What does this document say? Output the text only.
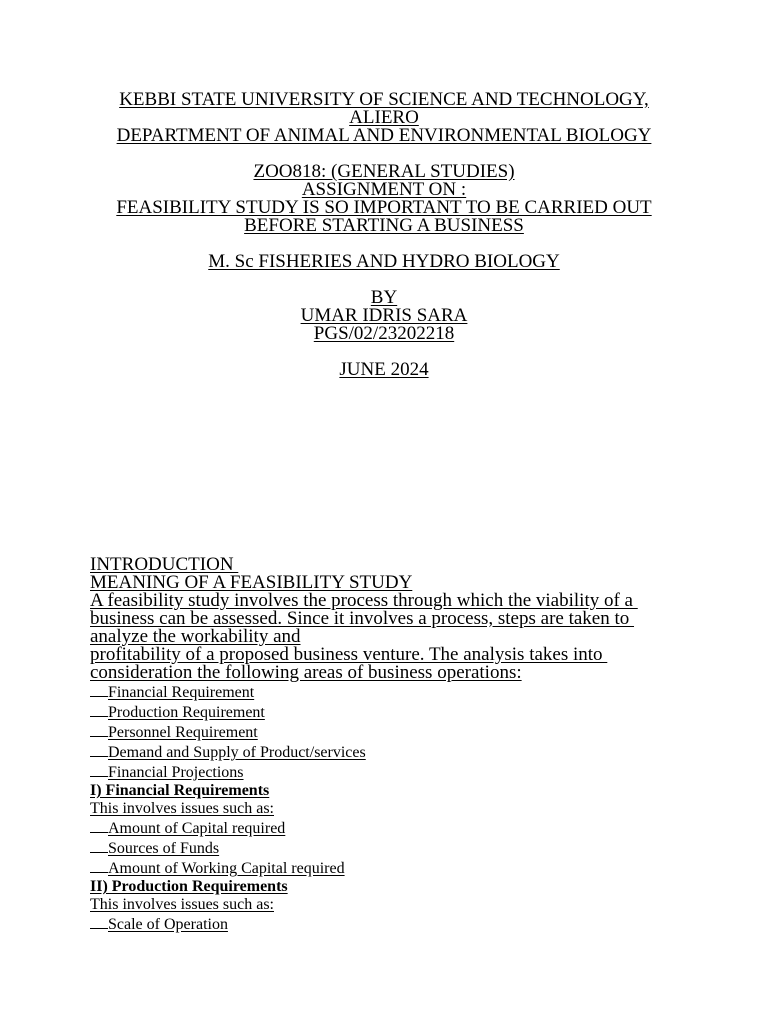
KEBBI STATE UNIVERSITY OF SCIENCE AND TECHNOLOGY,
ALIERO
DEPARTMENT OF ANIMAL AND ENVIRONMENTAL BIOLOGY
ZOO818: (GENERAL STUDIES)
ASSIGNMENT ON :
FEASIBILITY STUDY IS SO IMPORTANT TO BE CARRIED OUT
BEFORE STARTING A BUSINESS
M. Sc FISHERIES AND HYDRO BIOLOGY
BY
UMAR IDRIS SARA
PGS/02/23202218
JUNE 2024
INTRODUCTION
MEANING OF A FEASIBILITY STUDY
A feasibility study involves the process through which the viability of a
business can be assessed. Since it involves a process, steps are taken to
analyze the workability and
profitability of a proposed business venture. The analysis takes into
consideration the following areas of business operations:
Financial Requirement
Production Requirement
Personnel Requirement
Demand and Supply of Product/services
Financial Projections
I) Financial Requirements
This involves issues such as:
Amount of Capital required
Sources of Funds
Amount of Working Capital required
II) Production Requirements
This involves issues such as:
Scale of Operation
